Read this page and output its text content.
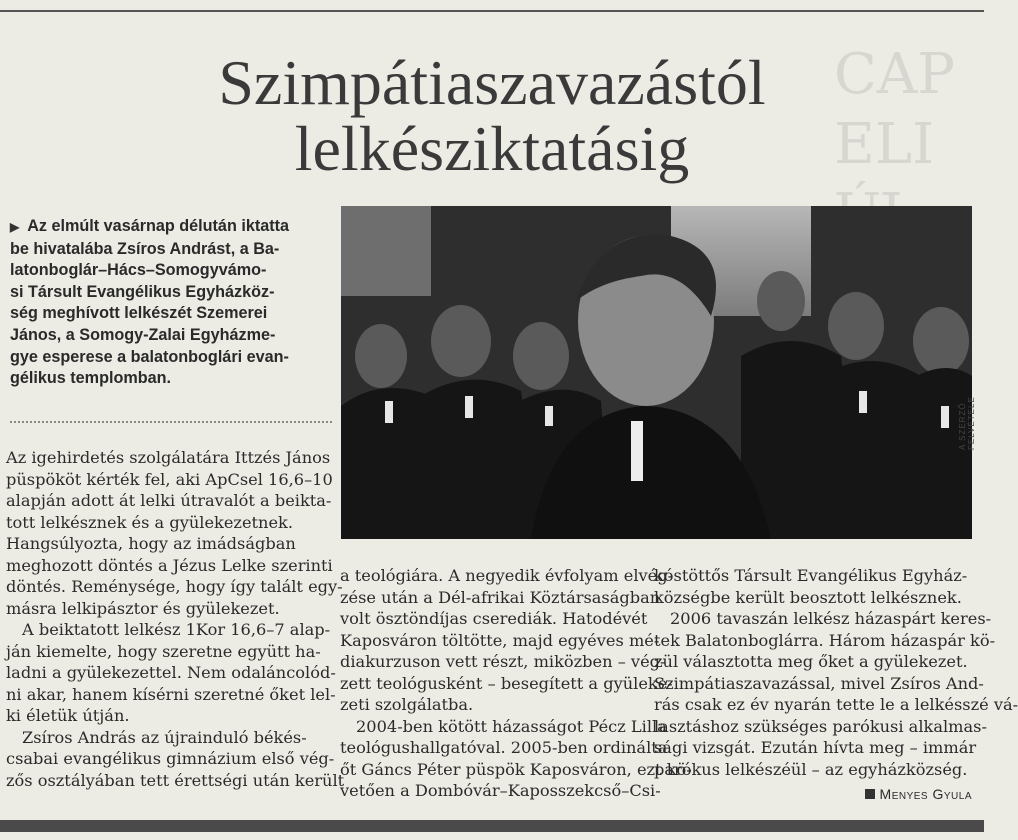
CAP
ELI

Szimpátiaszavazástól
lelkésziktatásig
▶ Az elmúlt vasárnap délután iktatta
be hivatalába Zsíros Andrást, a Ba-
latonboglár–Hács–Somogyvámo-
si Társult Evangélikus Egyházköz-
ség meghívott lelkészét Szemerei
János, a Somogy-Zalai Egyházme-
gye esperese a balatonboglári evan-
gélikus templomban.
A SZERZŐ FELVÉTELE

Az igehirdetés szolgálatára Ittzés János
püspököt kérték fel, aki ApCsel 16,6–10
alapján adott át lelki útravalót a beikta-
tott lelkésznek és a gyülekezetnek.
Hangsúlyozta, hogy az imádságban
meghozott döntés a Jézus Lelke szerinti
döntés. Reménysége, hogy így talált egy-
másra lelkipásztor és gyülekezet.

A beiktatott lelkész 1Kor 16,6–7 alap-
ján kiemelte, hogy szeretne együtt ha-
ladni a gyülekezettel. Nem odaláncolód-
ni akar, hanem kísérni szeretné őket lel-
ki életük útján.

Zsíros András az újrainduló békés-
csabai evangélikus gimnázium első vég-
zős osztályában tett érettségi után került

a teológiára. A negyedik évfolyam elvég-
zése után a Dél-afrikai Köztársaságban
volt ösztöndíjas cserediák. Hatodévét
Kaposváron töltötte, majd egyéves mé-
diakurzuson vett részt, miközben – vég-
zett teológusként – besegített a gyüleke-
zeti szolgálatba.

2004-ben kötött házasságot Pécz Lilla
teológushallgatóval. 2005-ben ordinálta
őt Gáncs Péter püspök Kaposváron, ezt kö-
vetően a Dombóvár–Kaposszekcső–Csi-

kóstöttős Társult Evangélikus Egyház-
községbe került beosztott lelkésznek.

2006 tavaszán lelkész házaspárt keres-
tek Balatonboglárra. Három házaspár kö-
zül választotta meg őket a gyülekezet.
Szimpátiaszavazással, mivel Zsíros And-
rás csak ez év nyarán tette le a lelkésszé vá-
lasztáshoz szükséges parókusi alkalmas-
sági vizsgát. Ezután hívta meg – immár
parókus lelkészéül – az egyházközség.

Menyes Gyula
